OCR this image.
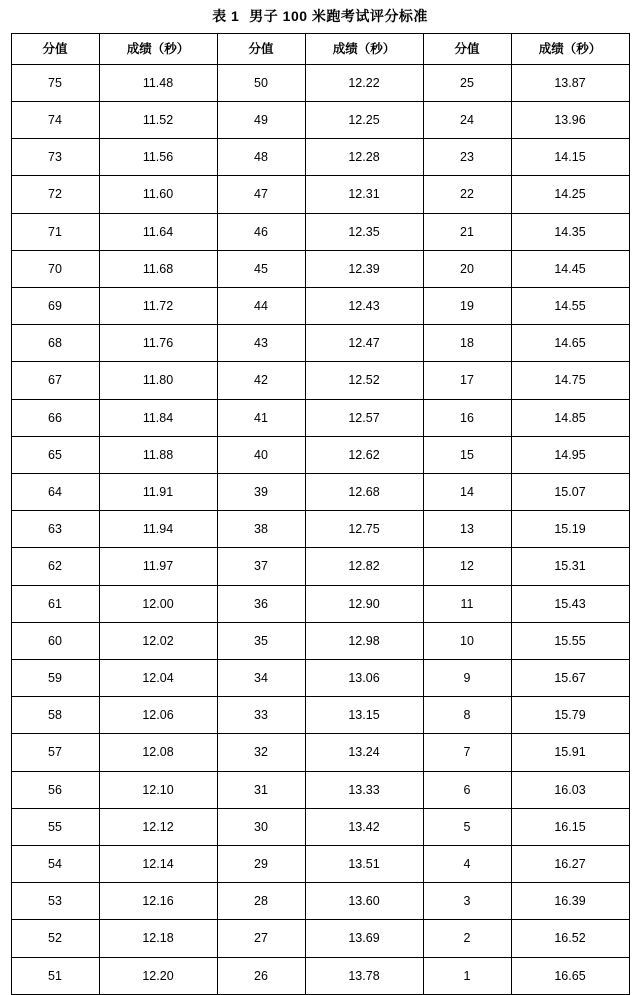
表 1 男子 100 米跑考试评分标准
分值	成绩（秒）	分值	成绩（秒）	分值	成绩（秒）
75	11.48	50	12.22	25	13.87
74	11.52	49	12.25	24	13.96
73	11.56	48	12.28	23	14.15
72	11.60	47	12.31	22	14.25
71	11.64	46	12.35	21	14.35
70	11.68	45	12.39	20	14.45
69	11.72	44	12.43	19	14.55
68	11.76	43	12.47	18	14.65
67	11.80	42	12.52	17	14.75
66	11.84	41	12.57	16	14.85
65	11.88	40	12.62	15	14.95
64	11.91	39	12.68	14	15.07
63	11.94	38	12.75	13	15.19
62	11.97	37	12.82	12	15.31
61	12.00	36	12.90	11	15.43
60	12.02	35	12.98	10	15.55
59	12.04	34	13.06	9	15.67
58	12.06	33	13.15	8	15.79
57	12.08	32	13.24	7	15.91
56	12.10	31	13.33	6	16.03
55	12.12	30	13.42	5	16.15
54	12.14	29	13.51	4	16.27
53	12.16	28	13.60	3	16.39
52	12.18	27	13.69	2	16.52
51	12.20	26	13.78	1	16.65
